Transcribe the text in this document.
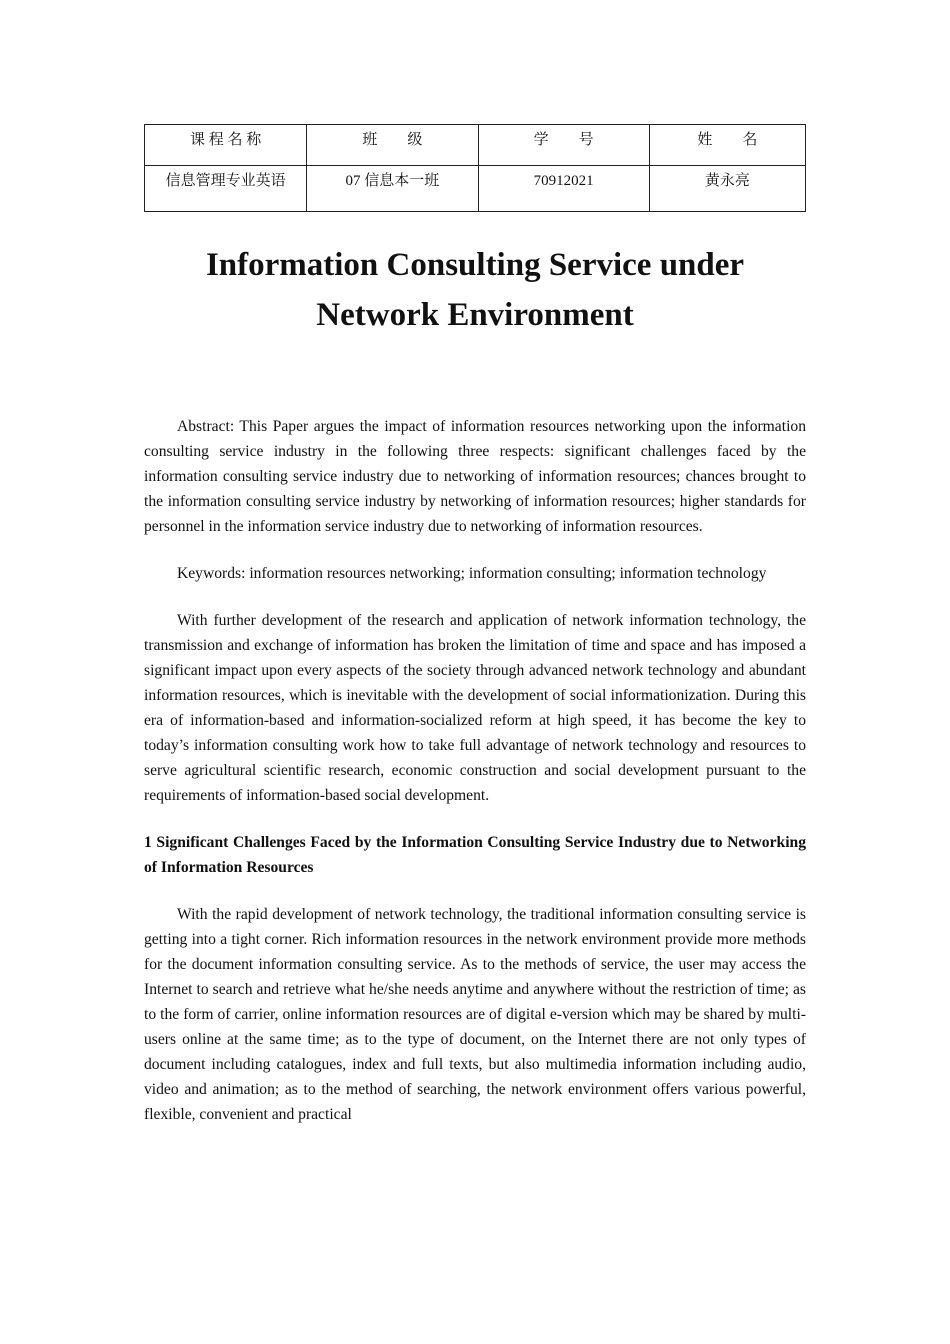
课 程 名 称	班　　级	学　　号	姓　　名
信息管理专业英语	07 信息本一班	70912021	黄永亮
Information Consulting Service under
Network Environment

Abstract: This Paper argues the impact of information resources networking upon the information consulting service industry in the following three respects: significant challenges faced by the information consulting service industry due to networking of information resources; chances brought to the information consulting service industry by networking of information resources; higher standards for personnel in the information service industry due to networking of information resources.

Keywords: information resources networking; information consulting; information technology

With further development of the research and application of network information technology, the transmission and exchange of information has broken the limitation of time and space and has imposed a significant impact upon every aspects of the society through advanced network technology and abundant information resources, which is inevitable with the development of social informationization. During this era of information-based and information-socialized reform at high speed, it has become the key to today’s information consulting work how to take full advantage of network technology and resources to serve agricultural scientific research, economic construction and social development pursuant to the requirements of information-based social development.

1 Significant Challenges Faced by the Information Consulting Service Industry due to Networking of Information Resources

With the rapid development of network technology, the traditional information consulting service is getting into a tight corner. Rich information resources in the network environment provide more methods for the document information consulting service. As to the methods of service, the user may access the Internet to search and retrieve what he/she needs anytime and anywhere without the restriction of time; as to the form of carrier, online information resources are of digital e-version which may be shared by multi-users online at the same time; as to the type of document, on the Internet there are not only types of document including catalogues, index and full texts, but also multimedia information including audio, video and animation; as to the method of searching, the network environment offers various powerful, flexible, convenient and practical
